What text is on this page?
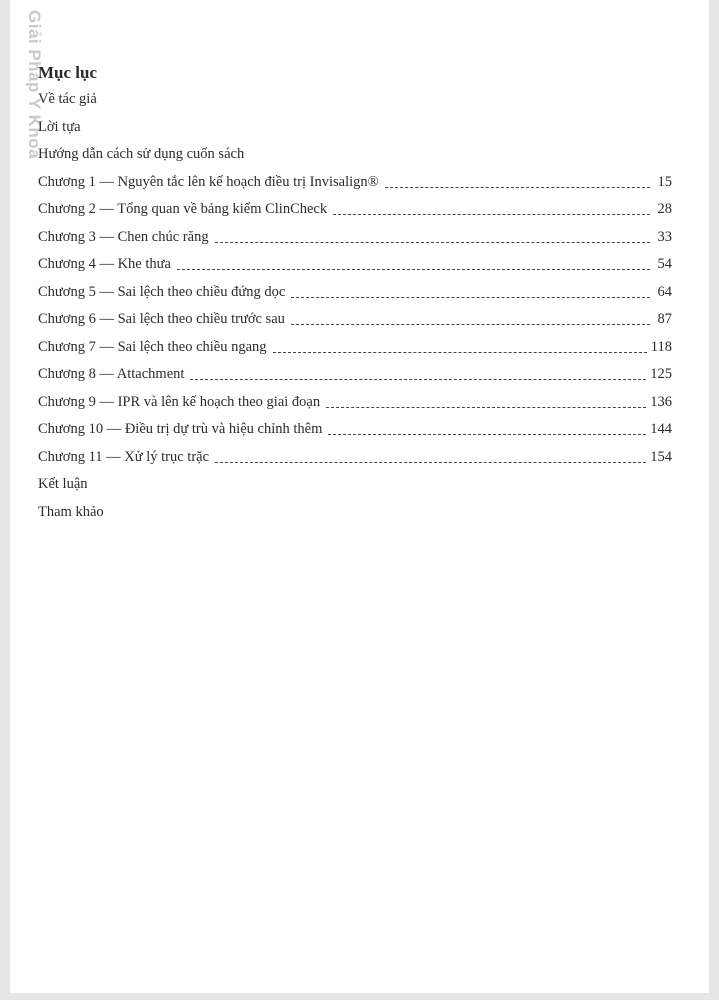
Giải Pháp Y Khoa
Mục lục
Về tác giả
Lời tựa
Hướng dẫn cách sử dụng cuốn sách
Chương 1 — Nguyên tắc lên kế hoạch điều trị Invisalign®	15
Chương 2 — Tổng quan về bảng kiểm ClinCheck	28
Chương 3 — Chen chúc răng	33
Chương 4 — Khe thưa	54
Chương 5 — Sai lệch theo chiều đứng dọc	64
Chương 6 — Sai lệch theo chiều trước sau	87
Chương 7 — Sai lệch theo chiều ngang	118
Chương 8 — Attachment	125
Chương 9 — IPR và lên kế hoạch theo giai đoạn	136
Chương 10 — Điều trị dự trù và hiệu chỉnh thêm	144
Chương 11 — Xử lý trục trặc	154
Kết luận
Tham khảo
